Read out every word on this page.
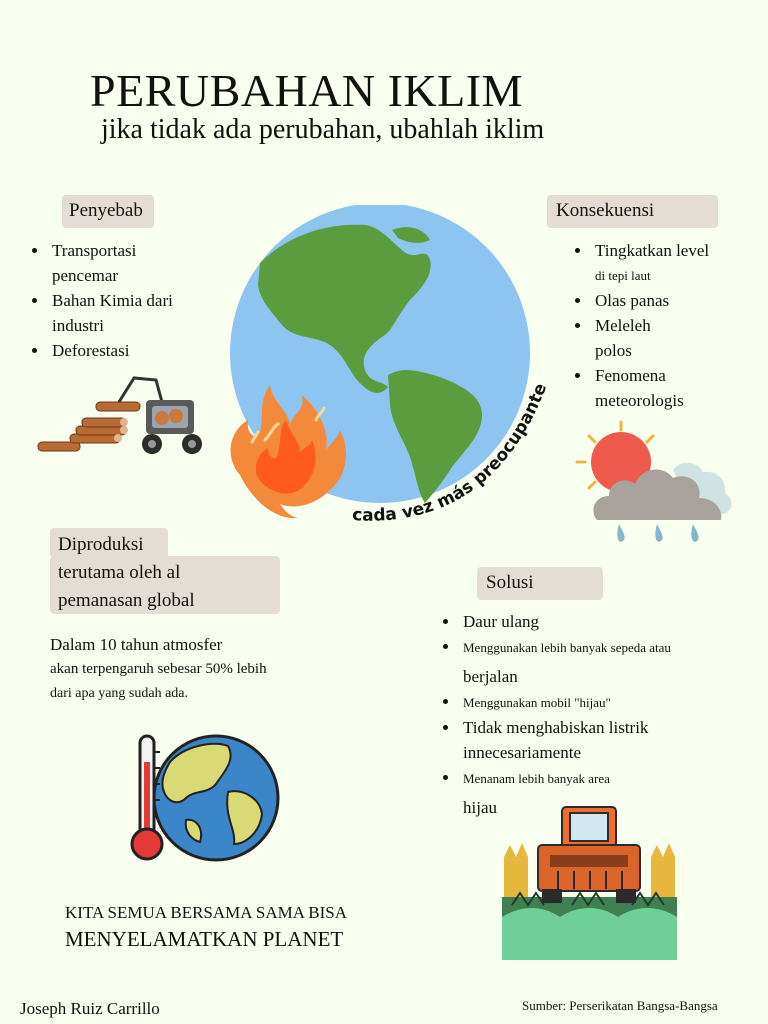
PERUBAHAN IKLIM
jika tidak ada perubahan, ubahlah iklim
Penyebab
Transportasi
pencemar
Bahan Kimia dari
industri
Deforestasi
cada vez más preocupante
Konsekuensi
Tingkatkan level
di tepi laut
Olas panas
Meleleh
polos
Fenomena
meteorologis
Diproduksi
terutama oleh al
pemanasan global
Dalam 10 tahun atmosfer
akan terpengaruh sebesar 50% lebih
dari apa yang sudah ada.
Solusi
Daur ulang
Menggunakan lebih banyak sepeda atau
berjalan
Menggunakan mobil "hijau"
Tidak menghabiskan listrik
innecesariamente
Menanam lebih banyak area
hijau
KITA SEMUA BERSAMA SAMA BISA
MENYELAMATKAN PLANET
Joseph Ruiz Carrillo	Sumber: Perserikatan Bangsa-Bangsa
